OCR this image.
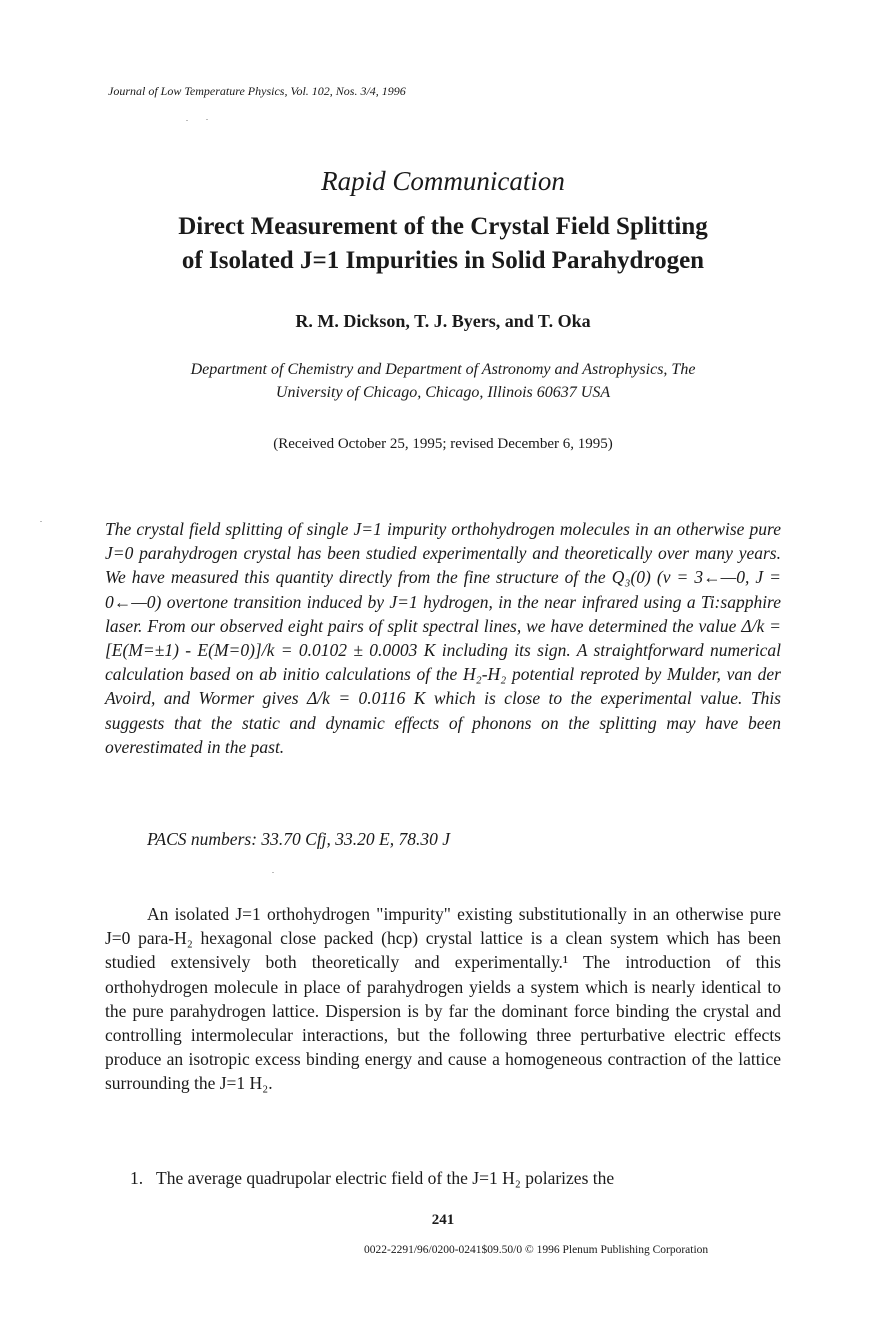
Journal of Low Temperature Physics, Vol. 102, Nos. 3/4, 1996
Rapid Communication
Direct Measurement of the Crystal Field Splitting
of Isolated J=1 Impurities in Solid Parahydrogen
R. M. Dickson, T. J. Byers, and T. Oka
Department of Chemistry and Department of Astronomy and Astrophysics, The
University of Chicago, Chicago, Illinois 60637 USA
(Received October 25, 1995; revised December 6, 1995)

The crystal field splitting of single J=1 impurity orthohydrogen molecules in an otherwise pure J=0 parahydrogen crystal has been studied experimentally and theoretically over many years. We have measured this quantity directly from the fine structure of the Q₃(0) (v = 3←—0, J = 0←—0) overtone transition induced by J=1 hydrogen, in the near infrared using a Ti:sapphire laser. From our observed eight pairs of split spectral lines, we have determined the value Δ/k = [E(M=±1) - E(M=0)]/k = 0.0102 ± 0.0003 K including its sign. A straightforward numerical calculation based on ab initio calculations of the H₂-H₂ potential reproted by Mulder, van der Avoird, and Wormer gives Δ/k = 0.0116 K which is close to the experimental value. This suggests that the static and dynamic effects of phonons on the splitting may have been overestimated in the past.

PACS numbers: 33.70 Cfj, 33.20 E, 78.30 J

An isolated J=1 orthohydrogen "impurity" existing substitutionally in an otherwise pure J=0 para-H₂ hexagonal close packed (hcp) crystal lattice is a clean system which has been studied extensively both theoretically and experimentally.¹ The introduction of this orthohydrogen molecule in place of parahydrogen yields a system which is nearly identical to the pure parahydrogen lattice. Dispersion is by far the dominant force binding the crystal and controlling intermolecular interactions, but the following three perturbative electric effects produce an isotropic excess binding energy and cause a homogeneous contraction of the lattice surrounding the J=1 H₂.

1. The average quadrupolar electric field of the J=1 H₂ polarizes the
241
0022-2291/96/0200-0241$09.50/0 © 1996 Plenum Publishing Corporation
